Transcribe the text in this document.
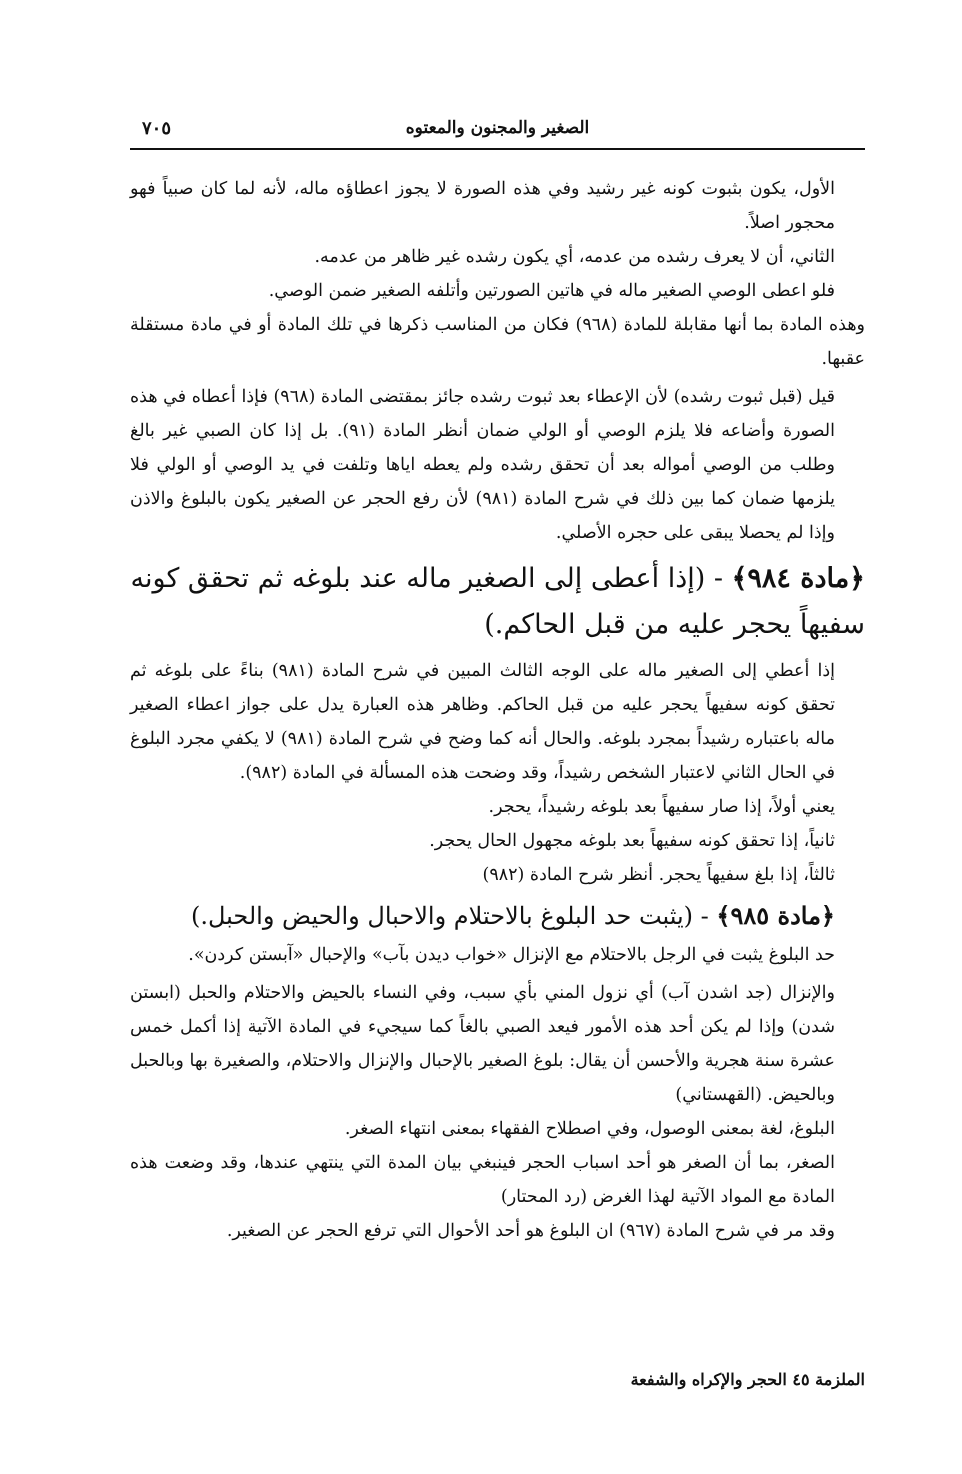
الصغير والمجنون والمعتوه
٧٠٥

الأول، يكون بثبوت كونه غير رشيد وفي هذه الصورة لا يجوز اعطاؤه ماله، لأنه لما كان صبياً فهو محجور اصلاً.

الثاني، أن لا يعرف رشده من عدمه، أي يكون رشده غير ظاهر من عدمه.

فلو اعطى الوصي الصغير ماله في هاتين الصورتين وأتلفه الصغير ضمن الوصي.

وهذه المادة بما أنها مقابلة للمادة (٩٦٨) فكان من المناسب ذكرها في تلك المادة أو في مادة مستقلة عقبها.

قيل (قبل ثبوت رشده) لأن الإعطاء بعد ثبوت رشده جائز بمقتضى المادة (٩٦٨) فإذا أعطاه في هذه الصورة وأضاعه فلا يلزم الوصي أو الولي ضمان أنظر المادة (٩١). بل إذا كان الصبي غير بالغ وطلب من الوصي أمواله بعد أن تحقق رشده ولم يعطه اياها وتلفت في يد الوصي أو الولي فلا يلزمها ضمان كما بين ذلك في شرح المادة (٩٨١) لأن رفع الحجر عن الصغير يكون بالبلوغ والاذن وإذا لم يحصلا يبقى على حجره الأصلي.

﴿مادة ٩٨٤﴾ - (إذا أعطى إلى الصغير ماله عند بلوغه ثم تحقق كونه سفيهاً يحجر عليه من قبل الحاكم.)

إذا أعطي إلى الصغير ماله على الوجه الثالث المبين في شرح المادة (٩٨١) بناءً على بلوغه ثم تحقق كونه سفيهاً يحجر عليه من قبل الحاكم. وظاهر هذه العبارة يدل على جواز اعطاء الصغير ماله باعتباره رشيداً بمجرد بلوغه. والحال أنه كما وضح في شرح المادة (٩٨١) لا يكفي مجرد البلوغ في الحال الثاني لاعتبار الشخص رشيداً، وقد وضحت هذه المسألة في المادة (٩٨٢).

يعني أولاً، إذا صار سفيهاً بعد بلوغه رشيداً، يحجر.

ثانياً، إذا تحقق كونه سفيهاً بعد بلوغه مجهول الحال يحجر.

ثالثاً، إذا بلغ سفيهاً يحجر. أنظر شرح المادة (٩٨٢)

﴿مادة ٩٨٥﴾ - (يثبت حد البلوغ بالاحتلام والاحبال والحيض والحبل.)

حد البلوغ يثبت في الرجل بالاحتلام مع الإنزال «خواب ديدن بآب» والإحبال «آبستن كردن».

والإنزال (جد اشدن آب) أي نزول المني بأي سبب، وفي النساء بالحيض والاحتلام والحبل (ابستن شدن) وإذا لم يكن أحد هذه الأمور فيعد الصبي بالغاً كما سيجيء في المادة الآتية إذا أكمل خمس عشرة سنة هجرية والأحسن أن يقال: بلوغ الصغير بالإحبال والإنزال والاحتلام، والصغيرة بها وبالحبل وبالحيض. (القهستاني)

البلوغ، لغة بمعنى الوصول، وفي اصطلاح الفقهاء بمعنى انتهاء الصغر.

الصغر، بما أن الصغر هو أحد اسباب الحجر فينبغي بيان المدة التي ينتهي عندها، وقد وضعت هذه المادة مع المواد الآتية لهذا الغرض (رد المحتار)

وقد مر في شرح المادة (٩٦٧) ان البلوغ هو أحد الأحوال التي ترفع الحجر عن الصغير.

الملزمة ٤٥ الحجر والإكراه والشفعة
